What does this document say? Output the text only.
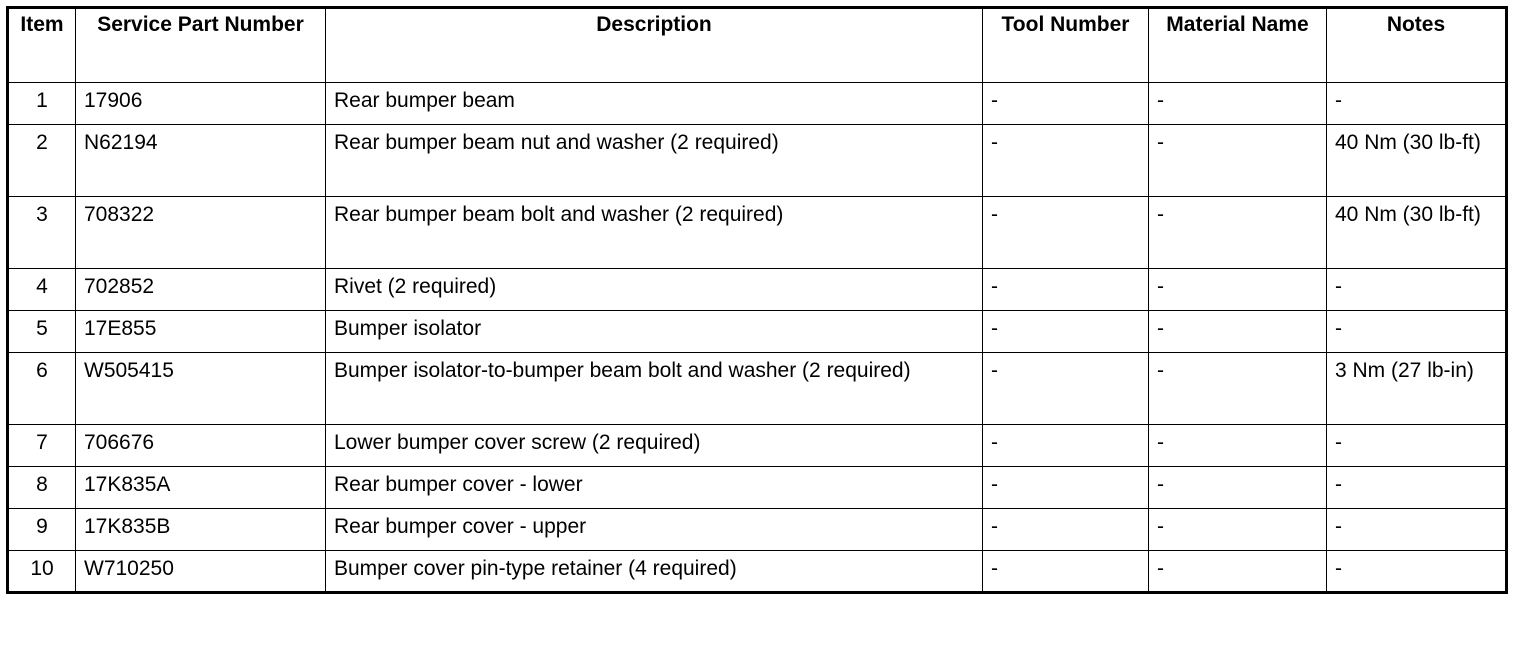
Item	Service Part Number	Description	Tool Number	Material Name	Notes
1	17906	Rear bumper beam	-	-	-
2	N62194	Rear bumper beam nut and washer (2 required)	-	-	40 Nm (30 lb-ft)
3	708322	Rear bumper beam bolt and washer (2 required)	-	-	40 Nm (30 lb-ft)
4	702852	Rivet (2 required)	-	-	-
5	17E855	Bumper isolator	-	-	-
6	W505415	Bumper isolator-to-bumper beam bolt and washer (2 required)	-	-	3 Nm (27 lb-in)
7	706676	Lower bumper cover screw (2 required)	-	-	-
8	17K835A	Rear bumper cover - lower	-	-	-
9	17K835B	Rear bumper cover - upper	-	-	-
10	W710250	Bumper cover pin-type retainer (4 required)	-	-	-
